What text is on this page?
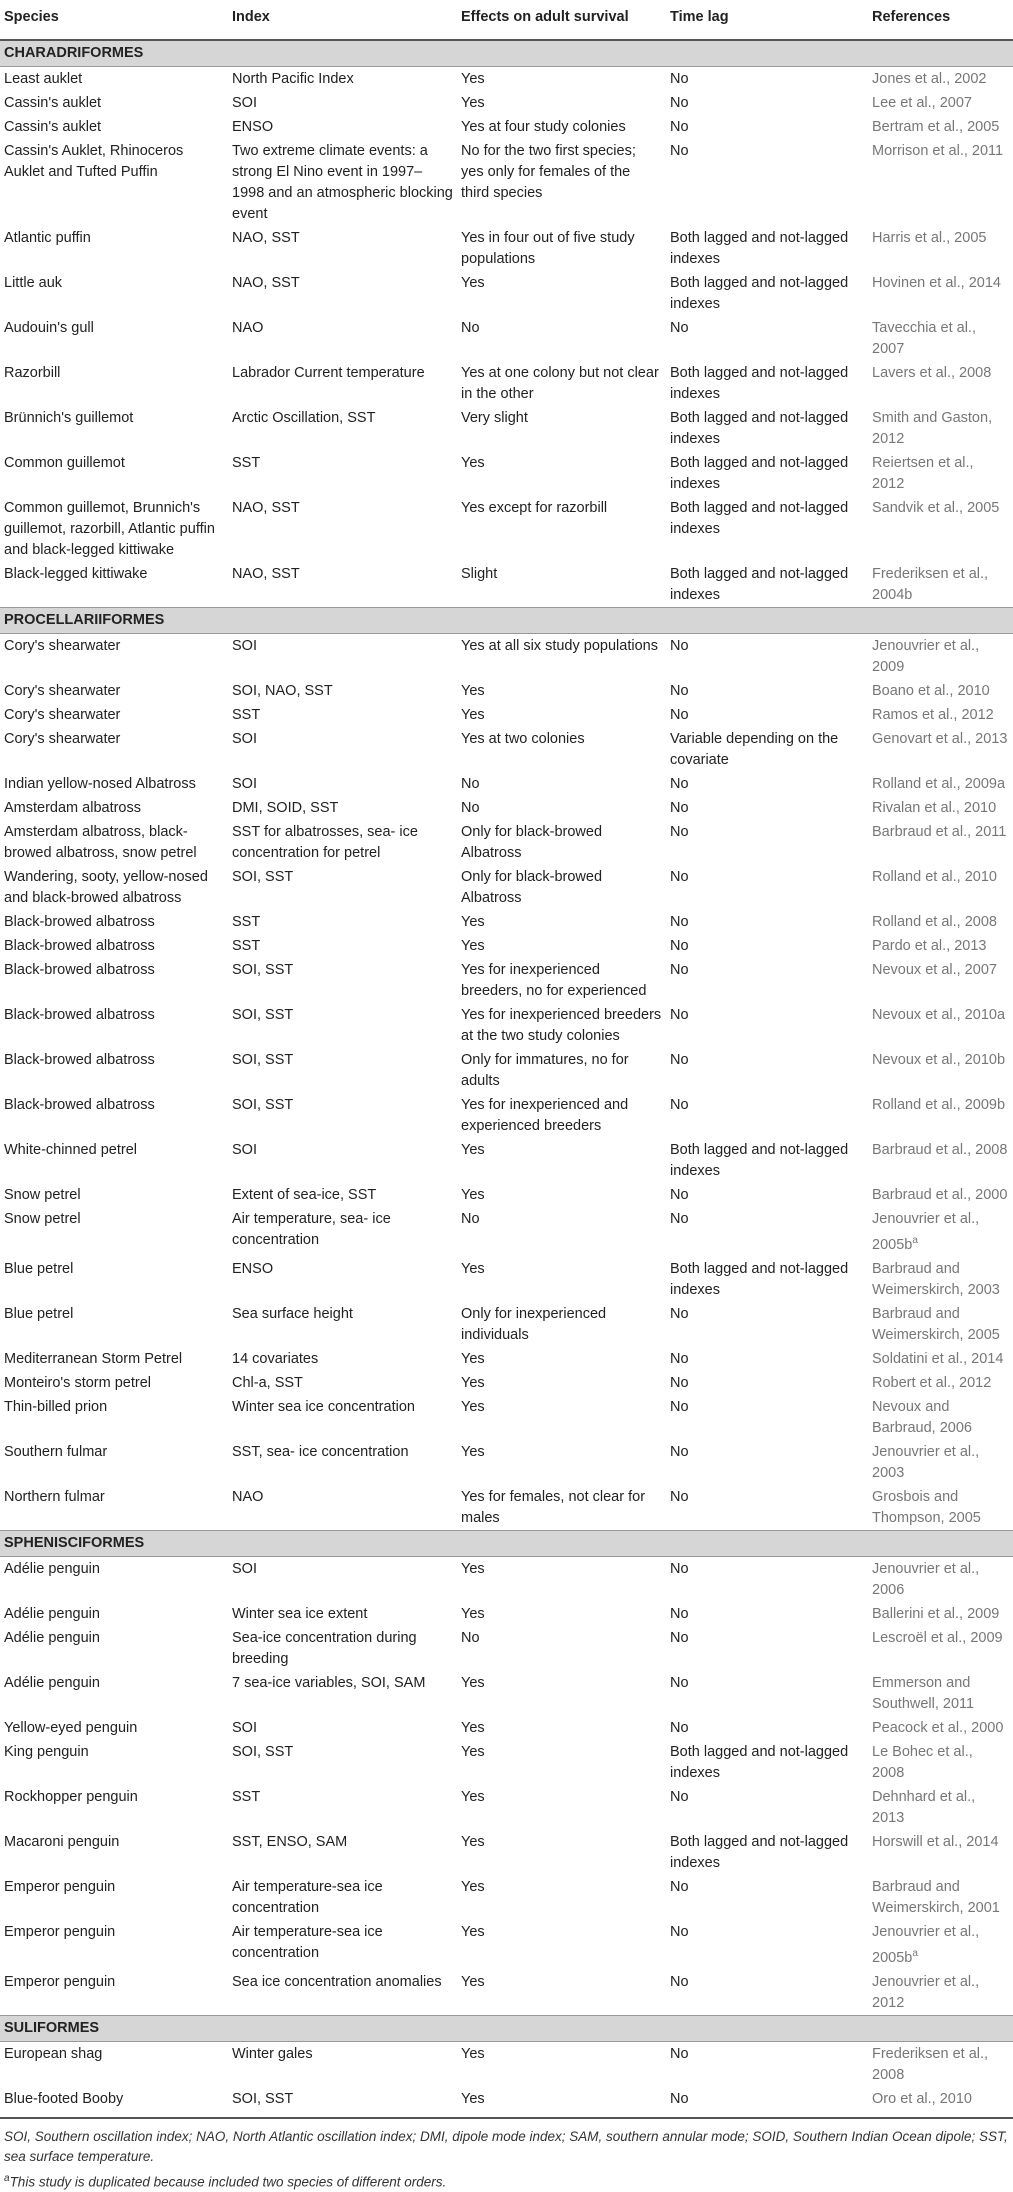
Species	Index	Effects on adult survival	Time lag	References
CHARADRIFORMES				
Least auklet	North Pacific Index	Yes	No	Jones et al., 2002
Cassin's auklet	SOI	Yes	No	Lee et al., 2007
Cassin's auklet	ENSO	Yes at four study colonies	No	Bertram et al., 2005
Cassin's Auklet, Rhinoceros Auklet and Tufted Puffin	Two extreme climate events: a strong El Nino event in 1997–1998 and an atmospheric blocking event	No for the two first species; yes only for females of the third species	No	Morrison et al., 2011
Atlantic puffin	NAO, SST	Yes in four out of five study populations	Both lagged and not-lagged indexes	Harris et al., 2005
Little auk	NAO, SST	Yes	Both lagged and not-lagged indexes	Hovinen et al., 2014
Audouin's gull	NAO	No	No	Tavecchia et al., 2007
Razorbill	Labrador Current temperature	Yes at one colony but not clear in the other	Both lagged and not-lagged indexes	Lavers et al., 2008
Brünnich's guillemot	Arctic Oscillation, SST	Very slight	Both lagged and not-lagged indexes	Smith and Gaston, 2012
Common guillemot	SST	Yes	Both lagged and not-lagged indexes	Reiertsen et al., 2012
Common guillemot, Brunnich's guillemot, razorbill, Atlantic puffin and black-legged kittiwake	NAO, SST	Yes except for razorbill	Both lagged and not-lagged indexes	Sandvik et al., 2005
Black-legged kittiwake	NAO, SST	Slight	Both lagged and not-lagged indexes	Frederiksen et al., 2004b
PROCELLARIIFORMES				
Cory's shearwater	SOI	Yes at all six study populations	No	Jenouvrier et al., 2009
Cory's shearwater	SOI, NAO, SST	Yes	No	Boano et al., 2010
Cory's shearwater	SST	Yes	No	Ramos et al., 2012
Cory's shearwater	SOI	Yes at two colonies	Variable depending on the covariate	Genovart et al., 2013
Indian yellow-nosed Albatross	SOI	No	No	Rolland et al., 2009a
Amsterdam albatross	DMI, SOID, SST	No	No	Rivalan et al., 2010
Amsterdam albatross, black-browed albatross, snow petrel	SST for albatrosses, sea- ice concentration for petrel	Only for black-browed Albatross	No	Barbraud et al., 2011
Wandering, sooty, yellow-nosed and black-browed albatross	SOI, SST	Only for black-browed Albatross	No	Rolland et al., 2010
Black-browed albatross	SST	Yes	No	Rolland et al., 2008
Black-browed albatross	SST	Yes	No	Pardo et al., 2013
Black-browed albatross	SOI, SST	Yes for inexperienced breeders, no for experienced	No	Nevoux et al., 2007
Black-browed albatross	SOI, SST	Yes for inexperienced breeders at the two study colonies	No	Nevoux et al., 2010a
Black-browed albatross	SOI, SST	Only for immatures, no for adults	No	Nevoux et al., 2010b
Black-browed albatross	SOI, SST	Yes for inexperienced and experienced breeders	No	Rolland et al., 2009b
White-chinned petrel	SOI	Yes	Both lagged and not-lagged indexes	Barbraud et al., 2008
Snow petrel	Extent of sea-ice, SST	Yes	No	Barbraud et al., 2000
Snow petrel	Air temperature, sea- ice concentration	No	No	Jenouvrier et al., $2005b^a$
Blue petrel	ENSO	Yes	Both lagged and not-lagged indexes	Barbraud and Weimerskirch, 2003
Blue petrel	Sea surface height	Only for inexperienced individuals	No	Barbraud and Weimerskirch, 2005
Mediterranean Storm Petrel	14 covariates	Yes	No	Soldatini et al., 2014
Monteiro's storm petrel	Chl-a, SST	Yes	No	Robert et al., 2012
Thin-billed prion	Winter sea ice concentration	Yes	No	Nevoux and Barbraud, 2006
Southern fulmar	SST, sea- ice concentration	Yes	No	Jenouvrier et al., 2003
Northern fulmar	NAO	Yes for females, not clear for males	No	Grosbois and Thompson, 2005
SPHENISCIFORMES				
Adélie penguin	SOI	Yes	No	Jenouvrier et al., 2006
Adélie penguin	Winter sea ice extent	Yes	No	Ballerini et al., 2009
Adélie penguin	Sea-ice concentration during breeding	No	No	Lescroël et al., 2009
Adélie penguin	7 sea-ice variables, SOI, SAM	Yes	No	Emmerson and Southwell, 2011
Yellow-eyed penguin	SOI	Yes	No	Peacock et al., 2000
King penguin	SOI, SST	Yes	Both lagged and not-lagged indexes	Le Bohec et al., 2008
Rockhopper penguin	SST	Yes	No	Dehnhard et al., 2013
Macaroni penguin	SST, ENSO, SAM	Yes	Both lagged and not-lagged indexes	Horswill et al., 2014
Emperor penguin	Air temperature-sea ice concentration	Yes	No	Barbraud and Weimerskirch, 2001
Emperor penguin	Air temperature-sea ice concentration	Yes	No	Jenouvrier et al., $2005b^a$
Emperor penguin	Sea ice concentration anomalies	Yes	No	Jenouvrier et al., 2012
SULIFORMES				
European shag	Winter gales	Yes	No	Frederiksen et al., 2008
Blue-footed Booby	SOI, SST	Yes	No	Oro et al., 2010
SOI, Southern oscillation index; NAO, North Atlantic oscillation index; DMI, dipole mode index; SAM, southern annular mode; SOID, Southern Indian Ocean dipole; SST, sea surface temperature.
$^a$This study is duplicated because included two species of different orders.
